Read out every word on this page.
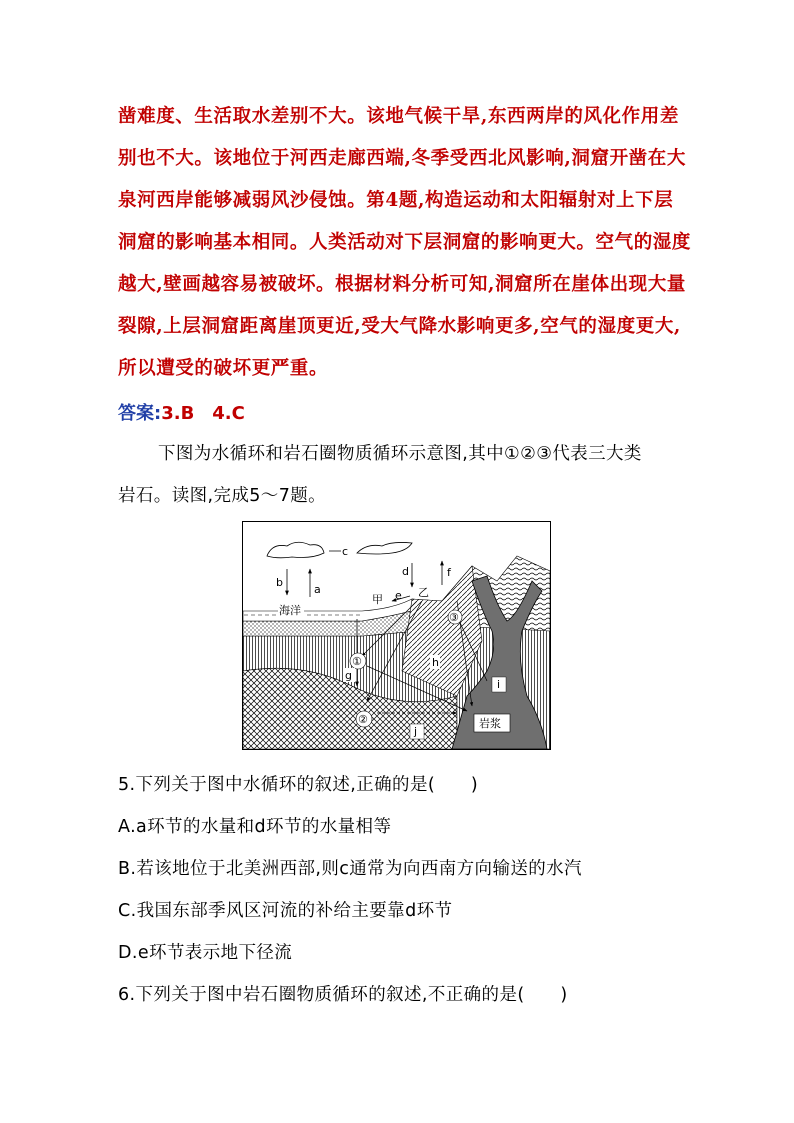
凿难度、生活取水差别不大。该地气候干旱,东西两岸的风化作用差
别也不大。该地位于河西走廊西端,冬季受西北风影响,洞窟开凿在大
泉河西岸能够减弱风沙侵蚀。第4题,构造运动和太阳辐射对上下层
洞窟的影响基本相同。人类活动对下层洞窟的影响更大。空气的湿度
越大,壁画越容易被破坏。根据材料分析可知,洞窟所在崖体出现大量
裂隙,上层洞窟距离崖顶更近,受大气降水影响更多,空气的湿度更大,
所以遭受的破坏更严重。
答案:3.B　4.C
下图为水循环和岩石圈物质循环示意图,其中①②③代表三大类
岩石。读图,完成5～7题。
c
b
a
d	f
e
甲
乙
海洋
③
①
g
h
②
j
i
岩浆
5.下列关于图中水循环的叙述,正确的是(　　)
A.a环节的水量和d环节的水量相等
B.若该地位于北美洲西部,则c通常为向西南方向输送的水汽
C.我国东部季风区河流的补给主要靠d环节
D.e环节表示地下径流
6.下列关于图中岩石圈物质循环的叙述,不正确的是(　　)
